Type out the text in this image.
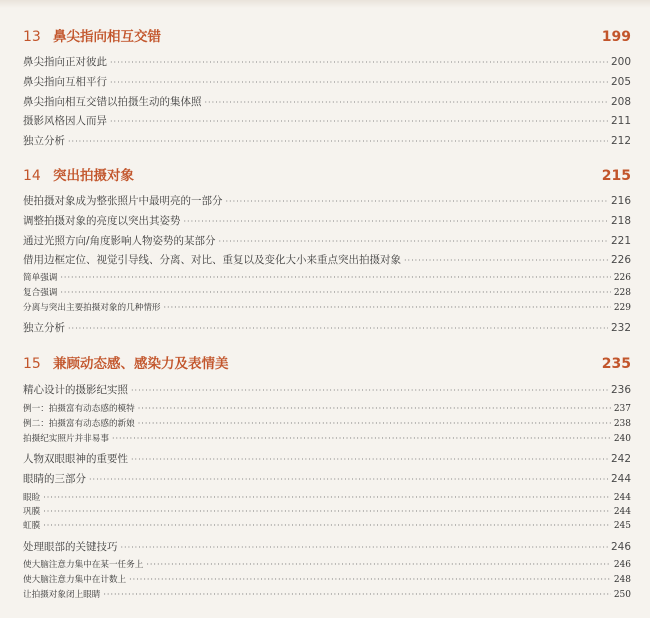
13 鼻尖指向相互交错	199
鼻尖指向正对彼此 ·····	200
鼻尖指向互相平行 ·····	205
鼻尖指向相互交错以拍摄生动的集体照 ·····	208
摄影风格因人而异 ·····	211
独立分析 ·····	212
14 突出拍摄对象	215
使拍摄对象成为整张照片中最明亮的一部分 ·····	216
调整拍摄对象的亮度以突出其姿势 ·····	218
通过光照方向/角度影响人物姿势的某部分 ·····	221
借用边框定位、视觉引导线、分离、对比、重复以及变化大小来重点突出拍摄对象 ·····	226
简单强调 ·····	226
复合强调 ·····	228
分离与突出主要拍摄对象的几种情形 ·····	229
独立分析 ·····	232
15 兼顾动态感、感染力及表情美	235
精心设计的摄影纪实照 ·····	236
例一：拍摄富有动态感的模特 ·····	237
例二：拍摄富有动态感的新娘 ·····	238
拍摄纪实照片并非易事 ·····	240
人物双眼眼神的重要性 ·····	242
眼睛的三部分 ·····	244
眼睑 ·····	244
巩膜 ·····	244
虹膜 ·····	245
处理眼部的关键技巧 ·····	246
使大脑注意力集中在某一任务上 ·····	246
使大脑注意力集中在计数上 ·····	248
让拍摄对象闭上眼睛 ·····	250
